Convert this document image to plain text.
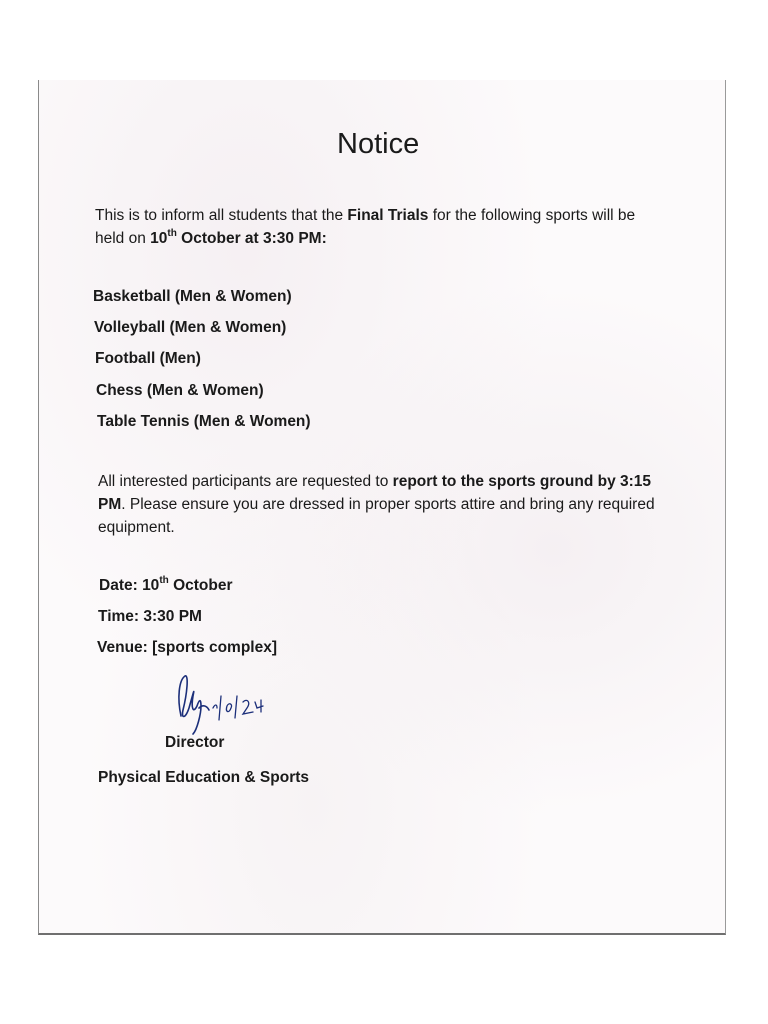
Notice
This is to inform all students that the Final Trials for the following sports will be held on 10th October at 3:30 PM:
Basketball (Men & Women)
Volleyball (Men & Women)
Football (Men)
Chess (Men & Women)
Table Tennis (Men & Women)
All interested participants are requested to report to the sports ground by 3:15 PM. Please ensure you are dressed in proper sports attire and bring any required equipment.
Date: 10th October
Time: 3:30 PM
Venue: [sports complex]
Director
Physical Education & Sports
